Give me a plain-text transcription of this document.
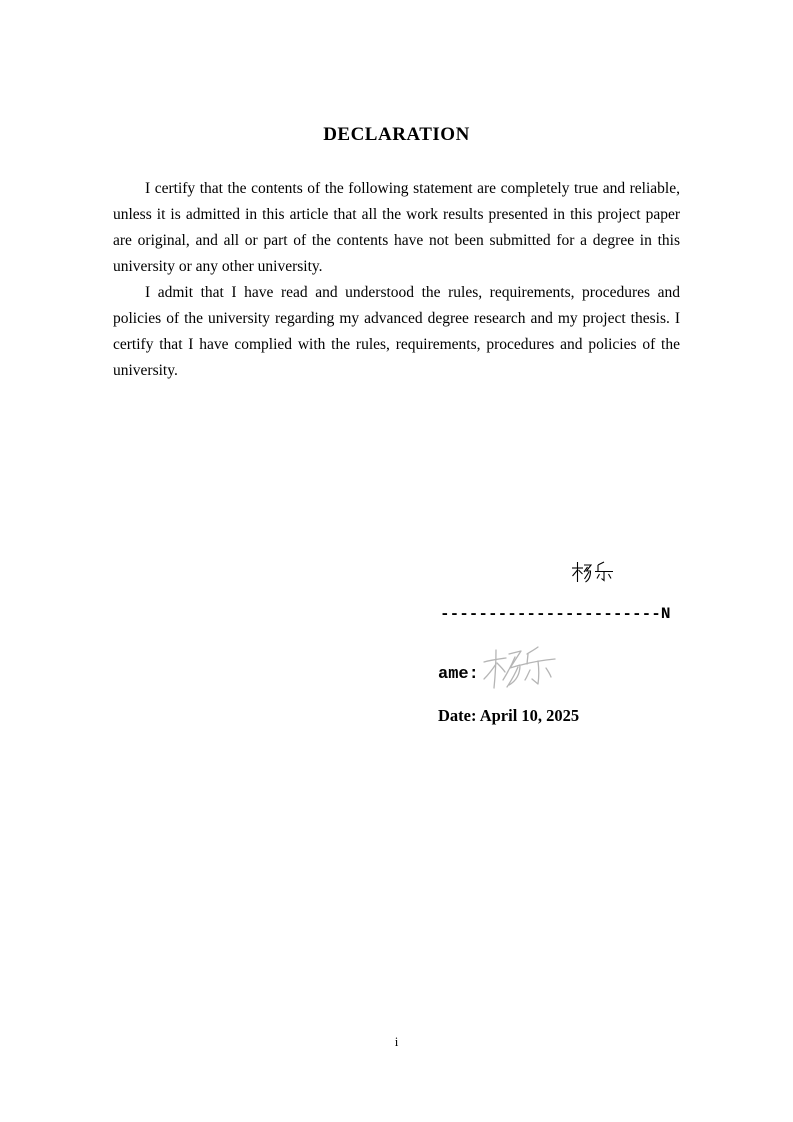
DECLARATION

I certify that the contents of the following statement are completely true and reliable, unless it is admitted in this article that all the work results presented in this project paper are original, and all or part of the contents have not been submitted for a degree in this university or any other university.

I admit that I have read and understood the rules, requirements, procedures and policies of the university regarding my advanced degree research and my project thesis. I certify that I have complied with the rules, requirements, procedures and policies of the university.

-----------------------N
ame:
Date: April 10, 2025
i
